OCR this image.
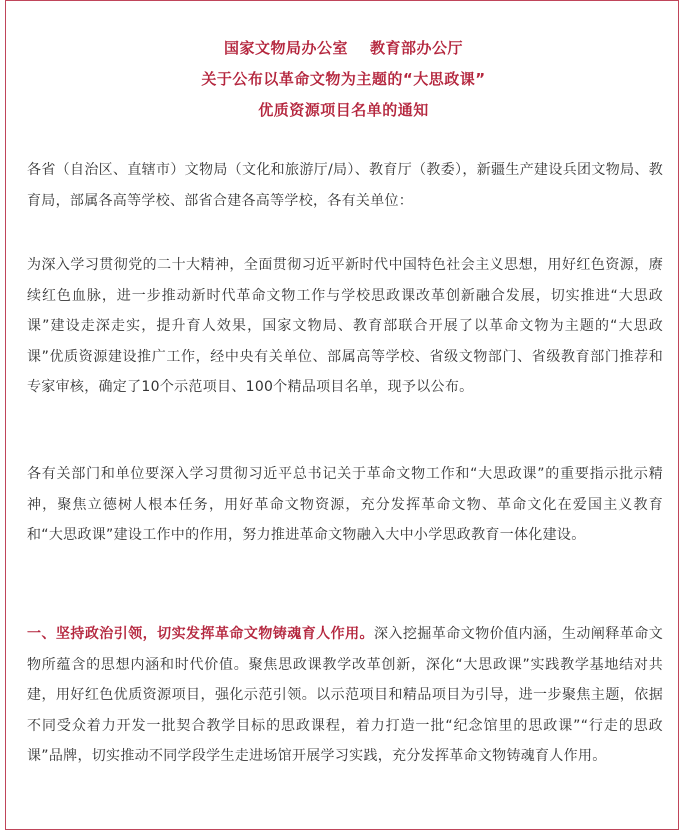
国家文物局办公室 教育部办公厅
关于公布以革命文物为主题的“大思政课”
优质资源项目名单的通知

各省（自治区、直辖市）文物局（文化和旅游厅/局）、教育厅（教委），新疆生产建设兵团文物局、教育局，部属各高等学校、部省合建各高等学校，各有关单位：

为深入学习贯彻党的二十大精神，全面贯彻习近平新时代中国特色社会主义思想，用好红色资源，赓续红色血脉，进一步推动新时代革命文物工作与学校思政课改革创新融合发展，切实推进“大思政课”建设走深走实，提升育人效果，国家文物局、教育部联合开展了以革命文物为主题的“大思政课”优质资源建设推广工作，经中央有关单位、部属高等学校、省级文物部门、省级教育部门推荐和专家审核，确定了10个示范项目、100个精品项目名单，现予以公布。

各有关部门和单位要深入学习贯彻习近平总书记关于革命文物工作和“大思政课”的重要指示批示精神，聚焦立德树人根本任务，用好革命文物资源，充分发挥革命文物、革命文化在爱国主义教育和“大思政课”建设工作中的作用，努力推进革命文物融入大中小学思政教育一体化建设。

一、坚持政治引领，切实发挥革命文物铸魂育人作用。深入挖掘革命文物价值内涵，生动阐释革命文物所蕴含的思想内涵和时代价值。聚焦思政课教学改革创新，深化“大思政课”实践教学基地结对共建，用好红色优质资源项目，强化示范引领。以示范项目和精品项目为引导，进一步聚焦主题，依据不同受众着力开发一批契合教学目标的思政课程，着力打造一批“纪念馆里的思政课”“行走的思政课”品牌，切实推动不同学段学生走进场馆开展学习实践，充分发挥革命文物铸魂育人作用。
